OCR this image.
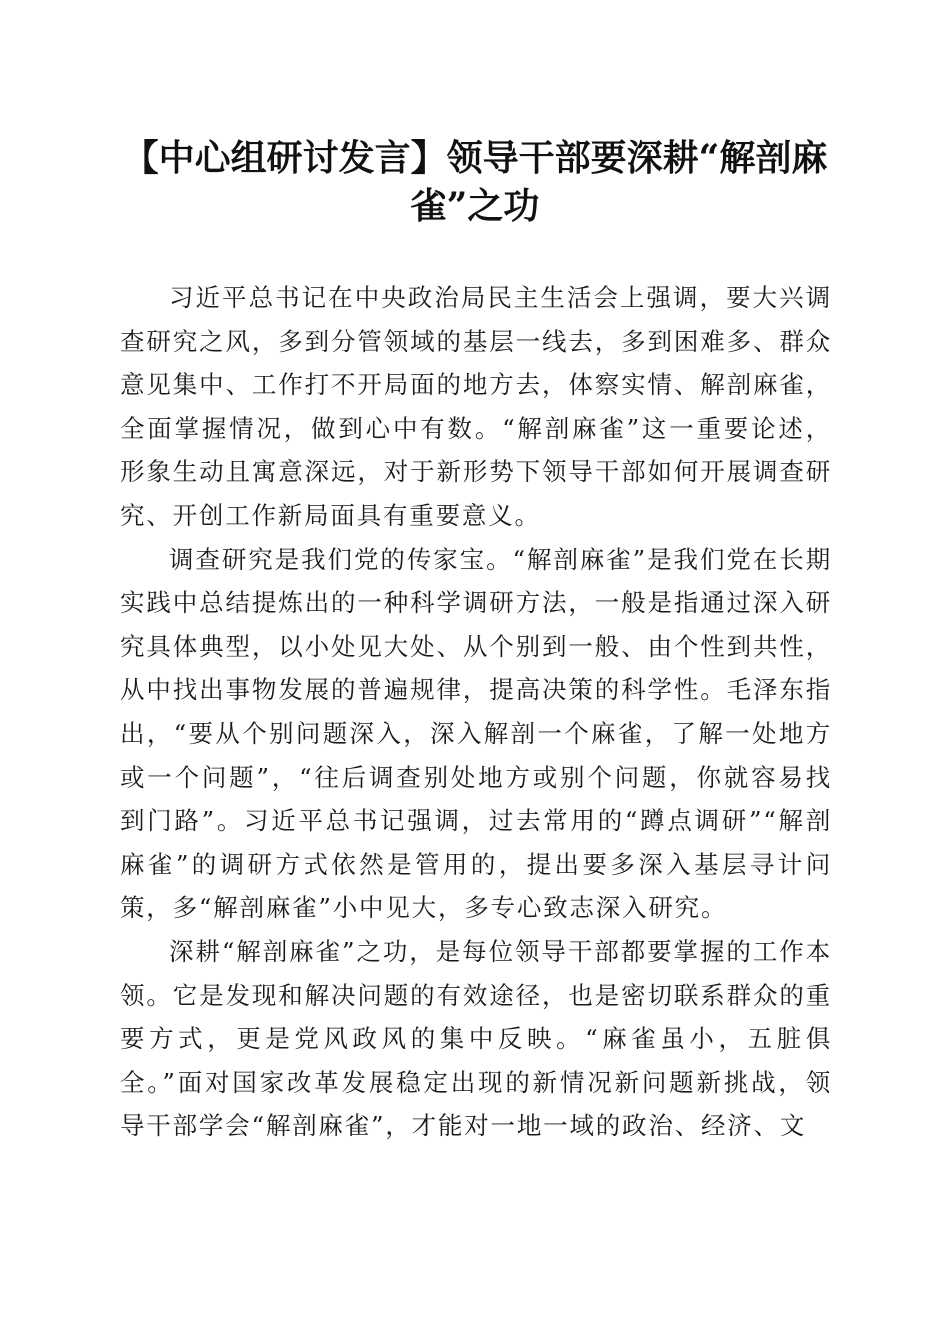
【中心组研讨发言】领导干部要深耕“解剖麻雀”之功

习近平总书记在中央政治局民主生活会上强调，要大兴调查研究之风，多到分管领域的基层一线去，多到困难多、群众意见集中、工作打不开局面的地方去，体察实情、解剖麻雀，全面掌握情况，做到心中有数。“解剖麻雀”这一重要论述，形象生动且寓意深远，对于新形势下领导干部如何开展调查研究、开创工作新局面具有重要意义。

调查研究是我们党的传家宝。“解剖麻雀”是我们党在长期实践中总结提炼出的一种科学调研方法，一般是指通过深入研究具体典型，以小处见大处、从个别到一般、由个性到共性，从中找出事物发展的普遍规律，提高决策的科学性。毛泽东指出，“要从个别问题深入，深入解剖一个麻雀，了解一处地方或一个问题”，“往后调查别处地方或别个问题，你就容易找到门路”。习近平总书记强调，过去常用的“蹲点调研”“解剖麻雀”的调研方式依然是管用的，提出要多深入基层寻计问策，多“解剖麻雀”小中见大，多专心致志深入研究。

深耕“解剖麻雀”之功，是每位领导干部都要掌握的工作本领。它是发现和解决问题的有效途径，也是密切联系群众的重要方式，更是党风政风的集中反映。“麻雀虽小，五脏俱全。”面对国家改革发展稳定出现的新情况新问题新挑战，领导干部学会“解剖麻雀”，才能对一地一域的政治、经济、文
